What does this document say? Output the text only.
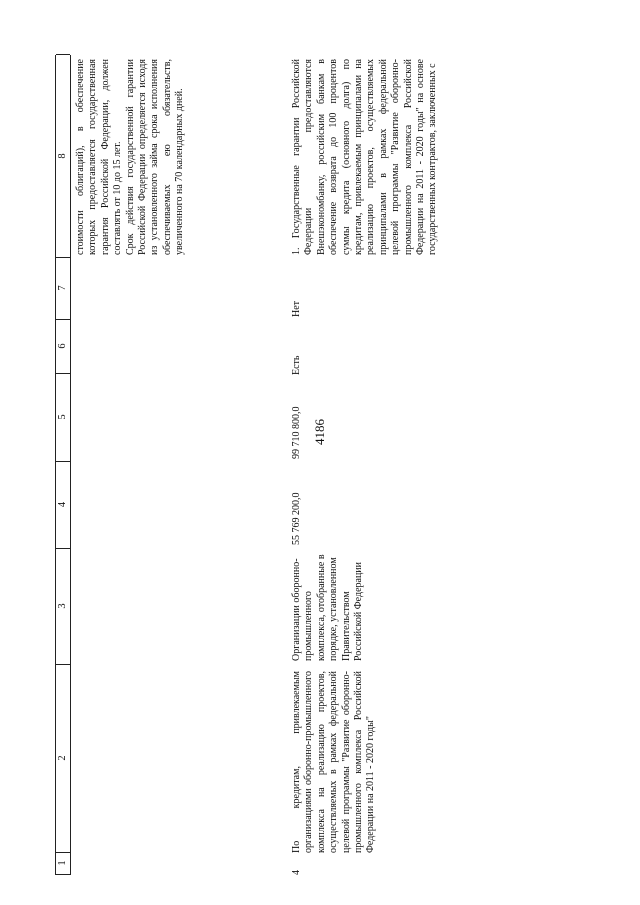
4186
1
2
3
4
5
6
7
8 стоимости облигаций), в обеспечение которых предоставляется государственная гарантия Российской Федерации, должен составлять от 10 до 15 лет. Срок действия государственной гарантии Российской Федерации определяется исходя из установленного займа срока исполнения обеспечиваемых ею обязательств, увеличенного на 70 календарных дней.

4
По кредитам, привлекаемым организациями оборонно-промышленного комплекса на реализацию проектов, осуществляемых в рамках федеральной целевой программы "Развитие оборонно-промышленного комплекса Российской Федерации на 2011 - 2020 годы"
Организации оборонно-промышленного комплекса, отобранные в порядке, установленном Правительством Российской Федерации
55 769 200,0
99 710 800,0
Есть
Нет
1. Государственные гарантии Российской Федерации предоставляются Внешэкономбанку, российским банкам в обеспечение возврата до 100 процентов суммы кредита (основного долга) по кредитам, привлекаемым принципалами на реализацию проектов, осуществляемых принципалами в рамках федеральной целевой программы "Развитие оборонно-промышленного комплекса Российской Федерации на 2011 - 2020 годы" на основе государственных контрактов, заключенных с
